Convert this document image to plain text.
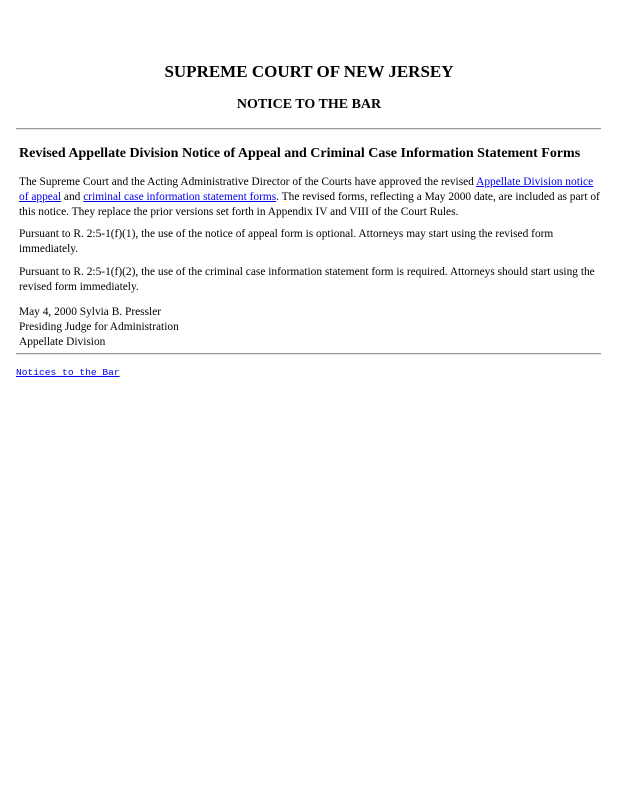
SUPREME COURT OF NEW JERSEY
NOTICE TO THE BAR
Revised Appellate Division Notice of Appeal and Criminal Case Information Statement Forms

The Supreme Court and the Acting Administrative Director of the Courts have approved the revised Appellate Division notice of appeal and criminal case information statement forms. The revised forms, reflecting a May 2000 date, are included as part of this notice. They replace the prior versions set forth in Appendix IV and VIII of the Court Rules.

Pursuant to R. 2:5-1(f)(1), the use of the notice of appeal form is optional. Attorneys may start using the revised form immediately.

Pursuant to R. 2:5-1(f)(2), the use of the criminal case information statement form is required. Attorneys should start using the revised form immediately.

May 4, 2000 Sylvia B. Pressler
Presiding Judge for Administration
Appellate Division

Notices to the Bar
